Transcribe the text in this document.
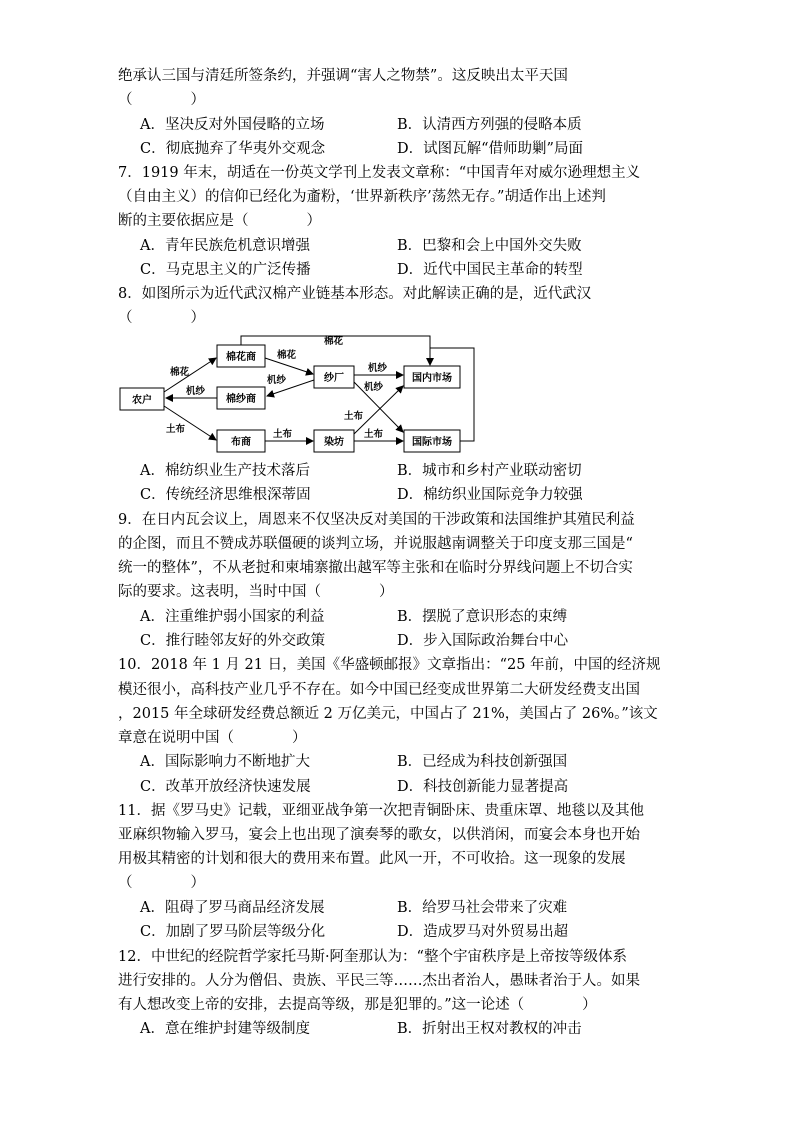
绝承认三国与清廷所签条约，并强调“害人之物禁”。这反映出太平天国
（　　　　）
A．坚决反对外国侵略的立场	B．认清西方列强的侵略本质
C．彻底抛弃了华夷外交观念	D．试图瓦解“借师助剿”局面
7．1919 年末，胡适在一份英文学刊上发表文章称：“中国青年对威尔逊理想主义
（自由主义）的信仰已经化为齑粉，‘世界新秩序’荡然无存。”胡适作出上述判
断的主要依据应是（　　　　）
A．青年民族危机意识增强	B．巴黎和会上中国外交失败
C．马克思主义的广泛传播	D．近代中国民主革命的转型
8．如图所示为近代武汉棉产业链基本形态。对此解读正确的是，近代武汉
（　　　　）
农户
棉花商
棉纱商
布商
纱厂
染坊
国内市场
国际市场
棉花
棉花
棉花
机纱
机纱
机纱
机纱
土布	土布
土布
土布
A．棉纺织业生产技术落后	B．城市和乡村产业联动密切
C．传统经济思维根深蒂固	D．棉纺织业国际竞争力较强
9．在日内瓦会议上，周恩来不仅坚决反对美国的干涉政策和法国维护其殖民利益
的企图，而且不赞成苏联僵硬的谈判立场，并说服越南调整关于印度支那三国是“
统一的整体”，不从老挝和柬埔寨撤出越军等主张和在临时分界线问题上不切合实
际的要求。这表明，当时中国（　　　　）
A．注重维护弱小国家的利益	B．摆脱了意识形态的束缚
C．推行睦邻友好的外交政策	D．步入国际政治舞台中心
10．2018 年 1 月 21 日，美国《华盛顿邮报》文章指出：“25 年前，中国的经济规
模还很小，高科技产业几乎不存在。如今中国已经变成世界第二大研发经费支出国
，2015 年全球研发经费总额近 2 万亿美元，中国占了 21%，美国占了 26%。”该文
章意在说明中国（　　　　）
A．国际影响力不断地扩大	B．已经成为科技创新强国
C．改革开放经济快速发展	D．科技创新能力显著提高
11．据《罗马史》记载，亚细亚战争第一次把青铜卧床、贵重床罩、地毯以及其他
亚麻织物输入罗马，宴会上也出现了演奏琴的歌女，以供消闲，而宴会本身也开始
用极其精密的计划和很大的费用来布置。此风一开，不可收拾。这一现象的发展
（　　　　）
A．阻碍了罗马商品经济发展	B．给罗马社会带来了灾难
C．加剧了罗马阶层等级分化	D．造成罗马对外贸易出超
12．中世纪的经院哲学家托马斯·阿奎那认为：“整个宇宙秩序是上帝按等级体系
进行安排的。人分为僧侣、贵族、平民三等……杰出者治人，愚昧者治于人。如果
有人想改变上帝的安排，去提高等级，那是犯罪的。”这一论述（　　　　）
A．意在维护封建等级制度	B．折射出王权对教权的冲击
